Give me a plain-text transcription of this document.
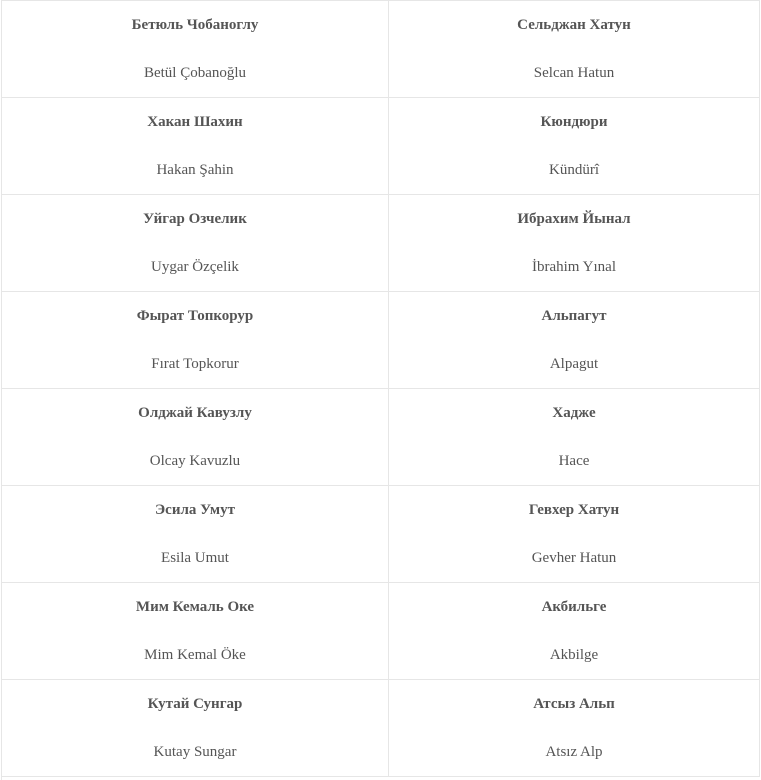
Бетюль Чобаноглу
Betül Çobanoğlu
Сельджан Хатун
Selcan Hatun
Хакан Шахин
Hakan Şahin
Кюндюри
Kündürî
Уйгар Озчелик
Uygar Özçelik
Ибрахим Йынал
İbrahim Yınal
Фырат Топкорур
Fırat Topkorur
Альпагут
Alpagut
Олджай Кавузлу
Olcay Kavuzlu
Хадже
Hace
Эсила Умут
Esila Umut
Гевхер Хатун
Gevher Hatun
Мим Кемаль Оке
Mim Kemal Öke
Акбильге
Akbilge
Кутай Сунгар
Kutay Sungar
Атсыз Альп
Atsız Alp
